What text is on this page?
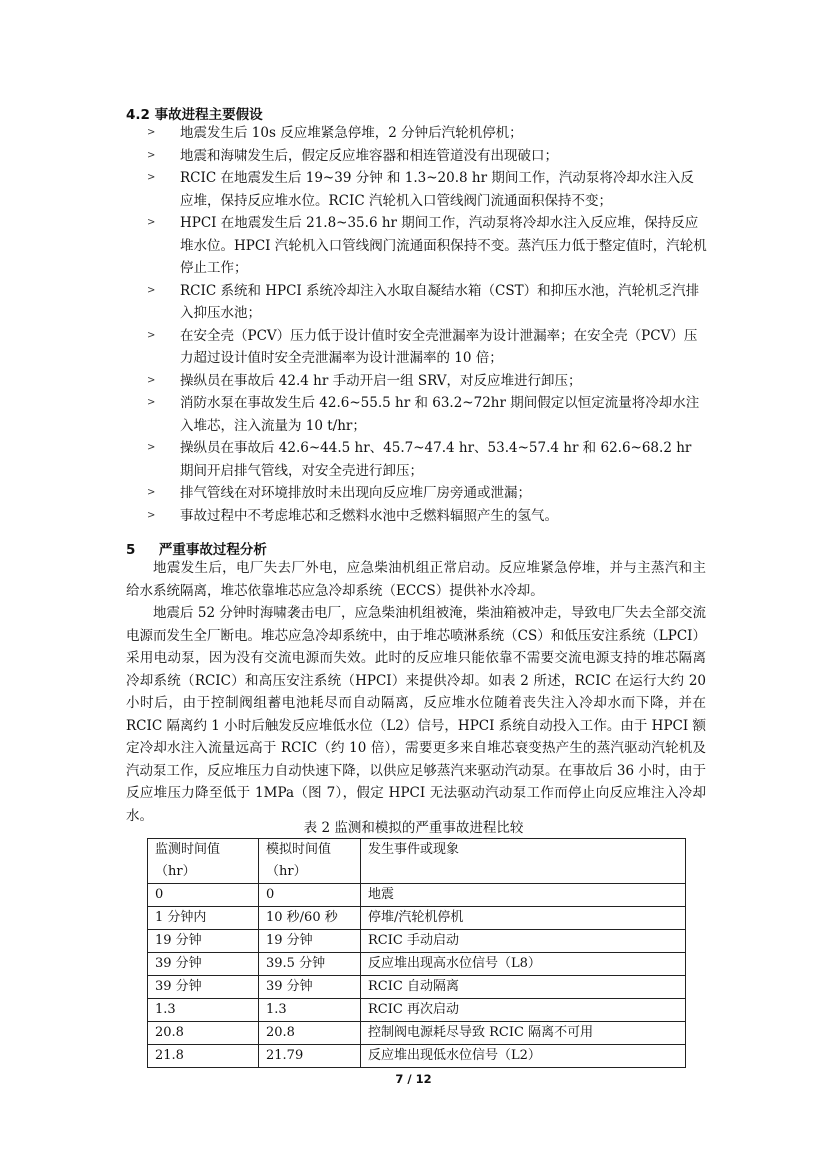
4.2 事故进程主要假设
> 地震发生后 10s 反应堆紧急停堆，2 分钟后汽轮机停机；
> 地震和海啸发生后，假定反应堆容器和相连管道没有出现破口；
> RCIC 在地震发生后 19~39 分钟 和 1.3~20.8 hr 期间工作，汽动泵将冷却水注入反应堆，保持反应堆水位。RCIC 汽轮机入口管线阀门流通面积保持不变；
> HPCI 在地震发生后 21.8~35.6 hr 期间工作，汽动泵将冷却水注入反应堆，保持反应堆水位。HPCI 汽轮机入口管线阀门流通面积保持不变。蒸汽压力低于整定值时，汽轮机停止工作；
> RCIC 系统和 HPCI 系统冷却注入水取自凝结水箱（CST）和抑压水池，汽轮机乏汽排入抑压水池；
> 在安全壳（PCV）压力低于设计值时安全壳泄漏率为设计泄漏率；在安全壳（PCV）压力超过设计值时安全壳泄漏率为设计泄漏率的 10 倍；
> 操纵员在事故后 42.4 hr 手动开启一组 SRV，对反应堆进行卸压；
> 消防水泵在事故发生后 42.6~55.5 hr 和 63.2~72hr 期间假定以恒定流量将冷却水注入堆芯，注入流量为 10 t/hr；
> 操纵员在事故后 42.6~44.5 hr、45.7~47.4 hr、53.4~57.4 hr 和 62.6~68.2 hr 期间开启排气管线，对安全壳进行卸压；
> 排气管线在对环境排放时未出现向反应堆厂房旁通或泄漏；
> 事故过程中不考虑堆芯和乏燃料水池中乏燃料辐照产生的氢气。
5 严重事故过程分析

地震发生后，电厂失去厂外电，应急柴油机组正常启动。反应堆紧急停堆，并与主蒸汽和主给水系统隔离，堆芯依靠堆芯应急冷却系统（ECCS）提供补水冷却。

地震后 52 分钟时海啸袭击电厂，应急柴油机组被淹，柴油箱被冲走，导致电厂失去全部交流电源而发生全厂断电。堆芯应急冷却系统中，由于堆芯喷淋系统（CS）和低压安注系统（LPCI）采用电动泵，因为没有交流电源而失效。此时的反应堆只能依靠不需要交流电源支持的堆芯隔离冷却系统（RCIC）和高压安注系统（HPCI）来提供冷却。如表 2 所述，RCIC 在运行大约 20 小时后，由于控制阀组蓄电池耗尽而自动隔离，反应堆水位随着丧失注入冷却水而下降，并在 RCIC 隔离约 1 小时后触发反应堆低水位（L2）信号，HPCI 系统自动投入工作。由于 HPCI 额定冷却水注入流量远高于 RCIC（约 10 倍），需要更多来自堆芯衰变热产生的蒸汽驱动汽轮机及汽动泵工作，反应堆压力自动快速下降，以供应足够蒸汽来驱动汽动泵。在事故后 36 小时，由于反应堆压力降至低于 1MPa（图 7），假定 HPCI 无法驱动汽动泵工作而停止向反应堆注入冷却水。

表 2 监测和模拟的严重事故进程比较
监测时间值（hr）	模拟时间值（hr）	发生事件或现象
0	0	地震
1 分钟内	10 秒/60 秒	停堆/汽轮机停机
19 分钟	19 分钟	RCIC 手动启动
39 分钟	39.5 分钟	反应堆出现高水位信号（L8）
39 分钟	39 分钟	RCIC 自动隔离
1.3	1.3	RCIC 再次启动
20.8	20.8	控制阀电源耗尽导致 RCIC 隔离不可用
21.8	21.79	反应堆出现低水位信号（L2）
7 / 12
